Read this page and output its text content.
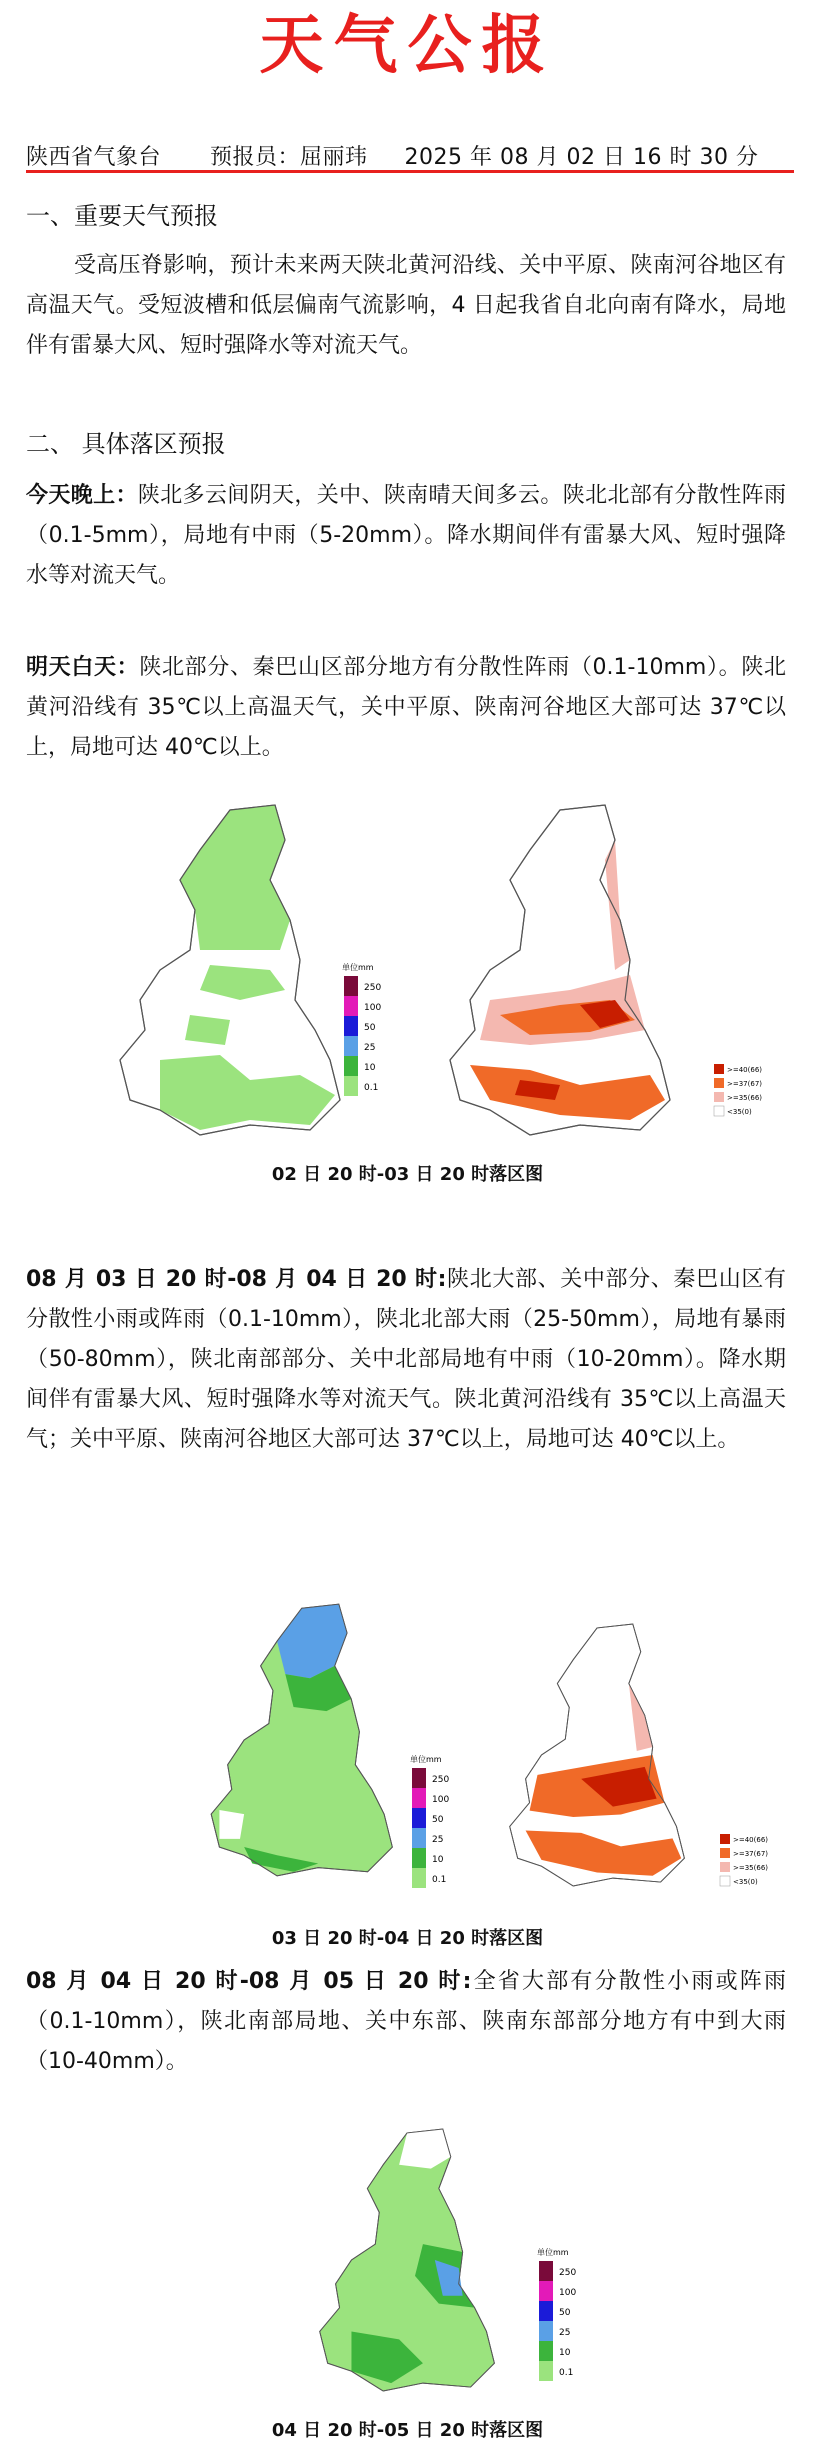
天气公报
陕西省气象台 预报员：屈丽玮 2025 年 08 月 02 日 16 时 30 分
一、重要天气预报

受高压脊影响，预计未来两天陕北黄河沿线、关中平原、陕南河谷地区有高温天气。受短波槽和低层偏南气流影响，4 日起我省自北向南有降水，局地伴有雷暴大风、短时强降水等对流天气。

二、 具体落区预报

今天晚上：陕北多云间阴天，关中、陕南晴天间多云。陕北北部有分散性阵雨（0.1-5mm），局地有中雨（5-20mm）。降水期间伴有雷暴大风、短时强降水等对流天气。

明天白天：陕北部分、秦巴山区部分地方有分散性阵雨（0.1-10mm）。陕北黄河沿线有 35℃以上高温天气，关中平原、陕南河谷地区大部可达 37℃以上，局地可达 40℃以上。

单位mm
250
100
50
25
10
0.1
>=40(66)
>=37(67)
>=35(66)
<35(0)
02 日 20 时-03 日 20 时落区图

08 月 03 日 20 时-08 月 04 日 20 时:陕北大部、关中部分、秦巴山区有分散性小雨或阵雨（0.1-10mm），陕北北部大雨（25-50mm），局地有暴雨（50-80mm），陕北南部部分、关中北部局地有中雨（10-20mm）。降水期间伴有雷暴大风、短时强降水等对流天气。陕北黄河沿线有 35℃以上高温天气；关中平原、陕南河谷地区大部可达 37℃以上，局地可达 40℃以上。

单位mm
250
100
50
25
10
0.1
>=40(66)
>=37(67)
>=35(66)
<35(0)
03 日 20 时-04 日 20 时落区图

08 月 04 日 20 时-08 月 05 日 20 时:全省大部有分散性小雨或阵雨（0.1-10mm），陕北南部局地、关中东部、陕南东部部分地方有中到大雨（10-40mm）。

单位mm
250
100
50
25
10
0.1
04 日 20 时-05 日 20 时落区图
